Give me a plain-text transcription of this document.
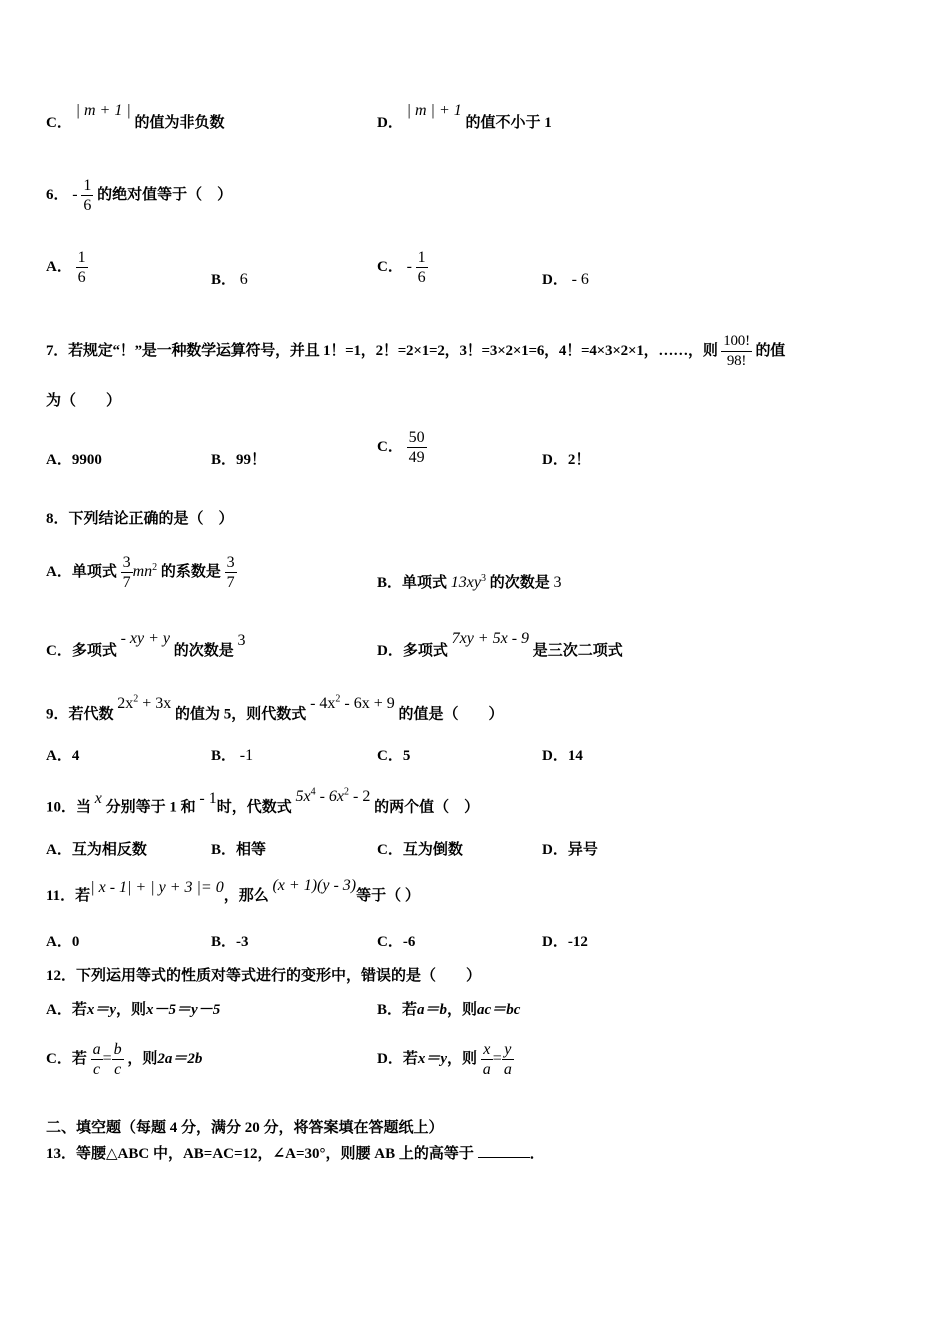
C． | m + 1 | 的值为非负数	D． | m | + 1 的值不小于 1
6． - $\frac{1}{6}$ 的绝对值等于（　）
A． $\frac{1}{6}$	B． 6
C． - $\frac{1}{6}$	D． - 6
7．若规定“！”是一种数学运算符号，并且 1！=1，2！=2×1=2，3！=3×2×1=6，4！=4×3×2×1，……，则 $\frac{100!}{98!}$ 的值
为（　　）
A．9900	B．99！
C． $\frac{50}{49}$	D．2！
8．下列结论正确的是（　）
A．单项式 $\frac{3}{7} mn^2$ 的系数是 $\frac{3}{7}$	B．单项式 $13xy^3$ 的次数是 3
C．多项式 - xy + y 的次数是 3
D．多项式 7xy + 5x - 9 是三次二项式
9．若代数 $2x^2 + 3x$ 的值为 5，则代数式 - $4x^2 - 6x + 9$ 的值是（　　）
A．4	B． -1	C．5	D．14
10．当 x 分别等于 1 和 - 1时，代数式 $5x^4 - 6x^2 - 2$ 的两个值（　）
A．互为相反数	B．相等	C．互为倒数	D．异号
11．若| x - 1| + | y + 3 |= 0，那么 (x + 1)(y - 3)等于（ ）
A．0	B．-3	C．-6	D．-12
12．下列运用等式的性质对等式进行的变形中，错误的是（　　）
A．若x＝y，则x－5＝y－5	B．若a＝b，则ac＝bc
C．若 $\frac{a}{c} = \frac{b}{c}$ ，则2a＝2b	D．若x＝y，则 $\frac{x}{a} = \frac{y}{a}$
二、填空题（每题 4 分，满分 20 分，将答案填在答题纸上）
13．等腰△ABC 中，AB=AC=12，∠A=30°，则腰 AB 上的高等于	．
